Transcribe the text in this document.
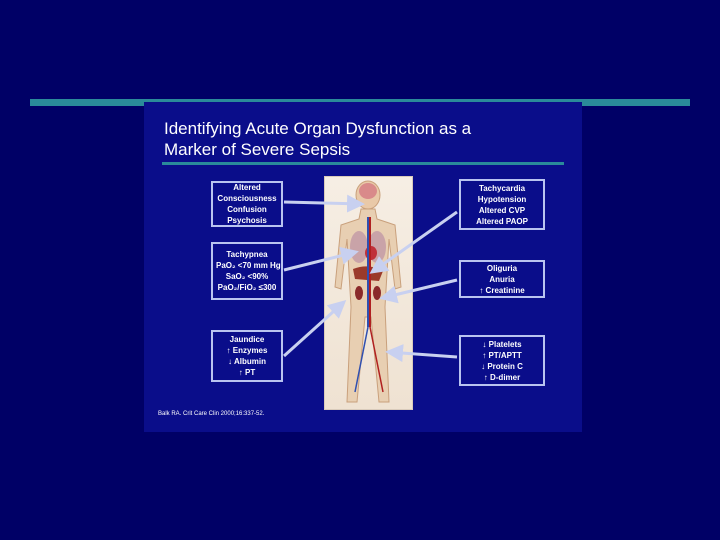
Identifying Acute Organ Dysfunction as a
Marker of Severe Sepsis
Altered
Consciousness
Confusion
Psychosis
Tachypnea
PaO₂ <70 mm Hg
SaO₂ <90%
PaO₂/FiO₂ ≤300
Jaundice
↑ Enzymes
↓ Albumin
↑ PT
Tachycardia
Hypotension
Altered CVP
Altered PAOP
Oliguria
Anuria
↑ Creatinine
↓ Platelets
↑ PT/APTT
↓ Protein C
↑ D-dimer
Balk RA. Crit Care Clin 2000;16:337-52.
